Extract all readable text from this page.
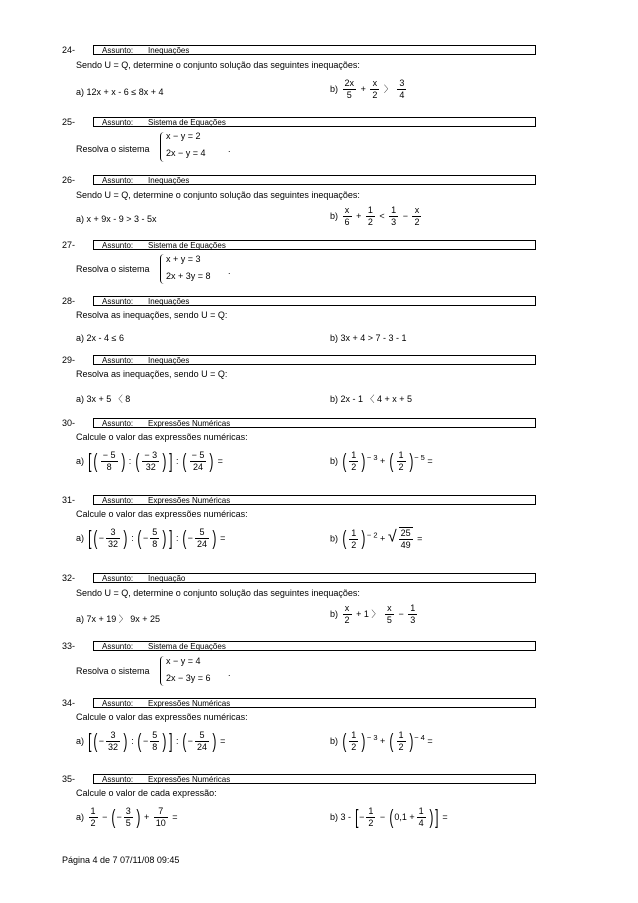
24-	Assunto: Inequações
Sendo U = Q, determine o conjunto solução das seguintes inequações:
a) 12x + x - 6 ≤ 8x + 4	$b) \frac{2x}{5} + \frac{x}{2}$ 〉 $\frac{3}{4}$
25-	Assunto: Sistema de Equações
Resolva o sistema
x − y = 2
2x − y = 4 .
26-	Assunto: Inequações
Sendo U = Q, determine o conjunto solução das seguintes inequações:
a) x + 9x - 9 > 3 - 5x	$b) \frac{x}{6} + \frac{1}{2} < \frac{1}{3} - \frac{x}{2}$
27-	Assunto: Sistema de Equações
Resolva o sistema
x + y = 3
2x + 3y = 8 .
28-	Assunto: Inequações
Resolva as inequações, sendo U = Q:
a) 2x - 4 ≤ 6	b) 3x + 4 > 7 - 3 - 1
29-	Assunto: Inequações
Resolva as inequações, sendo U = Q:
a) 3x + 5 〈 8	b) 2x - 1 〈 4 + x + 5
30-	Assunto: Expressões Numéricas
Calcule o valor das expressões numéricas:
a) [ ( $\frac{- 5}{8}$ ) : ( $\frac{- 3}{32}$ ) ] : ( $\frac{- 5}{24}$ ) =	b) ( $\frac{1}{2} )^{- 3}$ + ( $\frac{1}{2} )^{- 5}$ =
31-	Assunto: Expressões Numéricas
Calcule o valor das expressões numéricas:
a) [ (− $\frac{3}{32}$ ) : (− $\frac{5}{8}$ ) ] : (− $\frac{5}{24}$ ) =	b) ( $\frac{1}{2} )^{- 2}$ + √ $\frac{25}{49}$ =
32-	Assunto: Inequação
Sendo U = Q, determine o conjunto solução das seguintes inequações:
a) 7x + 19 〉 9x + 25
$b) \frac{x}{2} + 1$ 〉 $\frac{x}{5} - \frac{1}{3}$
33-	Assunto: Sistema de Equações
Resolva o sistema
x − y = 4
2x − 3y = 6 .
34-	Assunto: Expressões Numéricas
Calcule o valor das expressões numéricas:
a) [ (− $\frac{3}{32}$ ) : (− $\frac{5}{8}$ ) ] : (− $\frac{5}{24}$ ) =	b) ( $\frac{1}{2} )^{- 3}$ + ( $\frac{1}{2} )^{- 4}$ =
35-	Assunto: Expressões Numéricas
Calcule o valor de cada expressão:
$a) \frac{1}{2}$ − (− $\frac{3}{5}$ ) + $\frac{7}{10}$ =	b) 3 - [− $\frac{1}{2} - (0,1 + \frac{1}{4}$ ) ] =
Página 4 de 7 07/11/08 09:45
